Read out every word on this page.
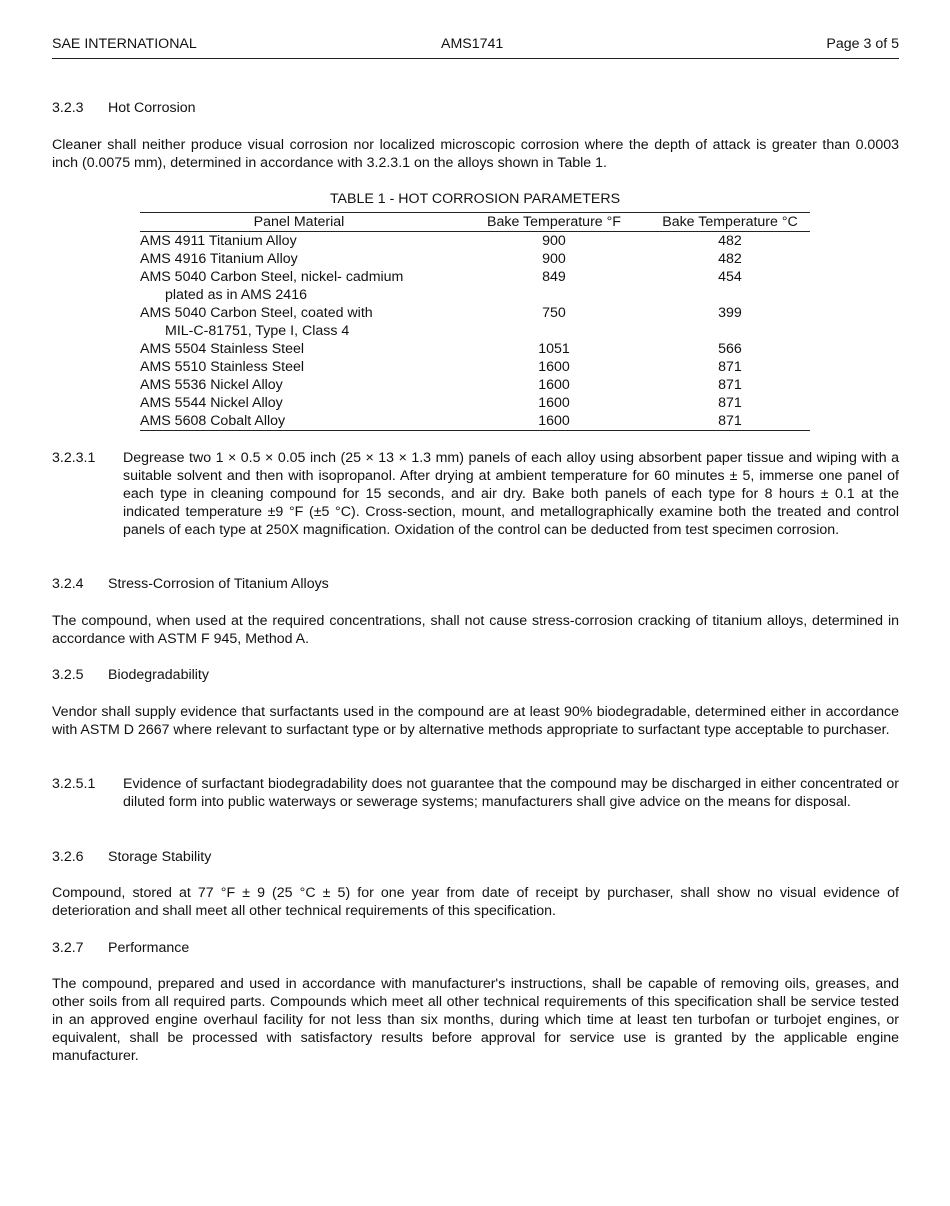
SAE INTERNATIONAL	AMS1741	Page 3 of 5
3.2.3 Hot Corrosion
Cleaner shall neither produce visual corrosion nor localized microscopic corrosion where the depth of attack is greater than 0.0003 inch (0.0075 mm), determined in accordance with 3.2.3.1 on the alloys shown in Table 1.
TABLE 1 - HOT CORROSION PARAMETERS
Panel Material	Bake Temperature °F	Bake Temperature °C
AMS 4911 Titanium Alloy	900	482
AMS 4916 Titanium Alloy	900	482
AMS 5040 Carbon Steel, nickel- cadmium
plated as in AMS 2416	849	454
AMS 5040 Carbon Steel, coated with
MIL-C-81751, Type I, Class 4	750	399
AMS 5504 Stainless Steel	1051	566
AMS 5510 Stainless Steel	1600	871
AMS 5536 Nickel Alloy	1600	871
AMS 5544 Nickel Alloy	1600	871
AMS 5608 Cobalt Alloy	1600	871
3.2.3.1 Degrease two 1 × 0.5 × 0.05 inch (25 × 13 × 1.3 mm) panels of each alloy using absorbent paper tissue and wiping with a suitable solvent and then with isopropanol. After drying at ambient temperature for 60 minutes ± 5, immerse one panel of each type in cleaning compound for 15 seconds, and air dry. Bake both panels of each type for 8 hours ± 0.1 at the indicated temperature ±9 °F (±5 °C). Cross-section, mount, and metallographically examine both the treated and control panels of each type at 250X magnification. Oxidation of the control can be deducted from test specimen corrosion.
3.2.4 Stress-Corrosion of Titanium Alloys
The compound, when used at the required concentrations, shall not cause stress-corrosion cracking of titanium alloys, determined in accordance with ASTM F 945, Method A.
3.2.5 Biodegradability
Vendor shall supply evidence that surfactants used in the compound are at least 90% biodegradable, determined either in accordance with ASTM D 2667 where relevant to surfactant type or by alternative methods appropriate to surfactant type acceptable to purchaser.
3.2.5.1 Evidence of surfactant biodegradability does not guarantee that the compound may be discharged in either concentrated or diluted form into public waterways or sewerage systems; manufacturers shall give advice on the means for disposal.
3.2.6 Storage Stability
Compound, stored at 77 °F ± 9 (25 °C ± 5) for one year from date of receipt by purchaser, shall show no visual evidence of deterioration and shall meet all other technical requirements of this specification.
3.2.7 Performance
The compound, prepared and used in accordance with manufacturer's instructions, shall be capable of removing oils, greases, and other soils from all required parts. Compounds which meet all other technical requirements of this specification shall be service tested in an approved engine overhaul facility for not less than six months, during which time at least ten turbofan or turbojet engines, or equivalent, shall be processed with satisfactory results before approval for service use is granted by the applicable engine manufacturer.
